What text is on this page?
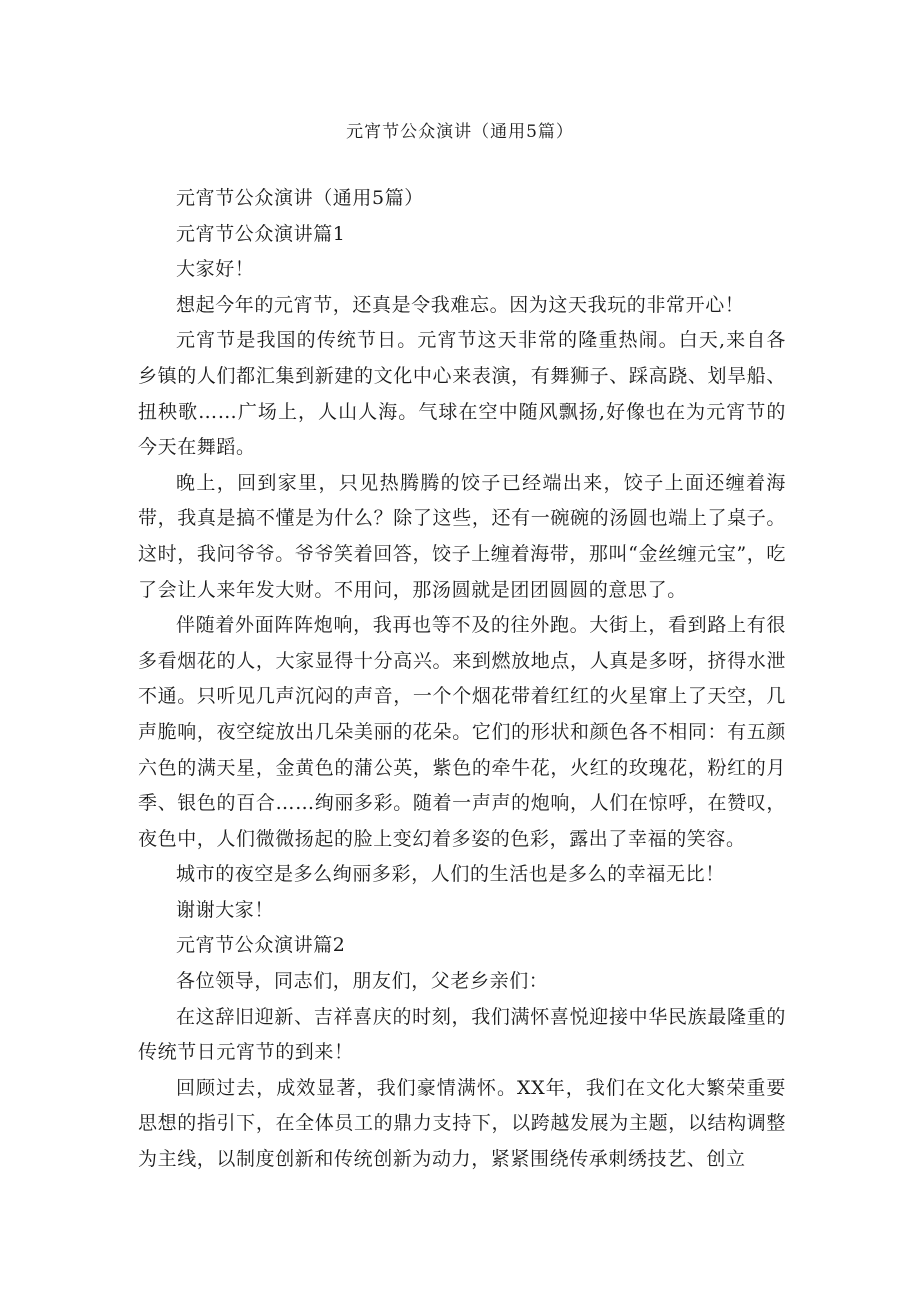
元宵节公众演讲（通用5篇）

元宵节公众演讲（通用5篇）

元宵节公众演讲篇1

大家好！

想起今年的元宵节，还真是令我难忘。因为这天我玩的非常开心！

元宵节是我国的传统节日。元宵节这天非常的隆重热闹。白天,来自各乡镇的人们都汇集到新建的文化中心来表演，有舞狮子、踩高跷、划旱船、扭秧歌……广场上，人山人海。气球在空中随风飘扬,好像也在为元宵节的今天在舞蹈。

晚上，回到家里，只见热腾腾的饺子已经端出来，饺子上面还缠着海带，我真是搞不懂是为什么？除了这些，还有一碗碗的汤圆也端上了桌子。这时，我问爷爷。爷爷笑着回答，饺子上缠着海带，那叫“金丝缠元宝”，吃了会让人来年发大财。不用问，那汤圆就是团团圆圆的意思了。

伴随着外面阵阵炮响，我再也等不及的往外跑。大街上，看到路上有很多看烟花的人，大家显得十分高兴。来到燃放地点，人真是多呀，挤得水泄不通。只听见几声沉闷的声音，一个个烟花带着红红的火星窜上了天空，几声脆响，夜空绽放出几朵美丽的花朵。它们的形状和颜色各不相同：有五颜六色的满天星，金黄色的蒲公英，紫色的牵牛花，火红的玫瑰花，粉红的月季、银色的百合……绚丽多彩。随着一声声的炮响，人们在惊呼，在赞叹，夜色中，人们微微扬起的脸上变幻着多姿的色彩，露出了幸福的笑容。

城市的夜空是多么绚丽多彩，人们的生活也是多么的幸福无比！

谢谢大家！

元宵节公众演讲篇2

各位领导，同志们，朋友们，父老乡亲们：

在这辞旧迎新、吉祥喜庆的时刻，我们满怀喜悦迎接中华民族最隆重的传统节日元宵节的到来！

回顾过去，成效显著，我们豪情满怀。XX年，我们在文化大繁荣重要思想的指引下，在全体员工的鼎力支持下，以跨越发展为主题，以结构调整为主线，以制度创新和传统创新为动力，紧紧围绕传承刺绣技艺、创立
